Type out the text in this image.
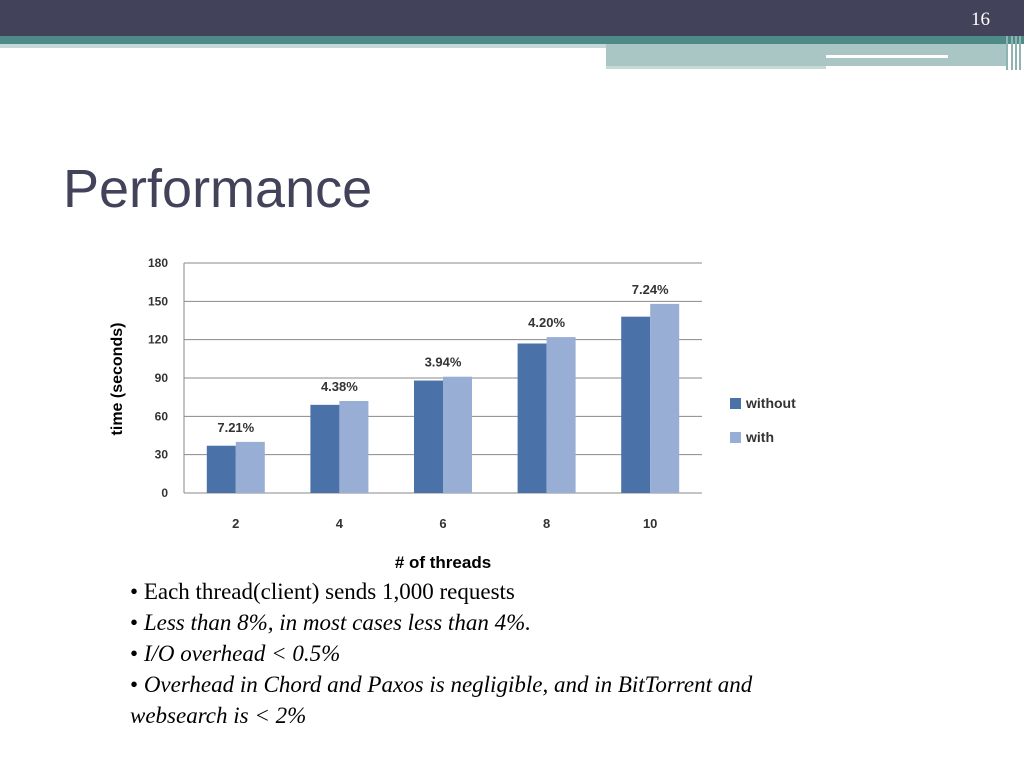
16
Performance
0
30
60
90
120
150
180
7.21%
4.38%
3.94%
4.20%
7.24%
2	4	6	8	10
# of threads
time (seconds)	without
with
• Each thread(client) sends 1,000 requests
• Less than 8%, in most cases less than 4%.
• I/O overhead < 0.5%
• Overhead in Chord and Paxos is negligible, and in BitTorrent and websearch is < 2%
